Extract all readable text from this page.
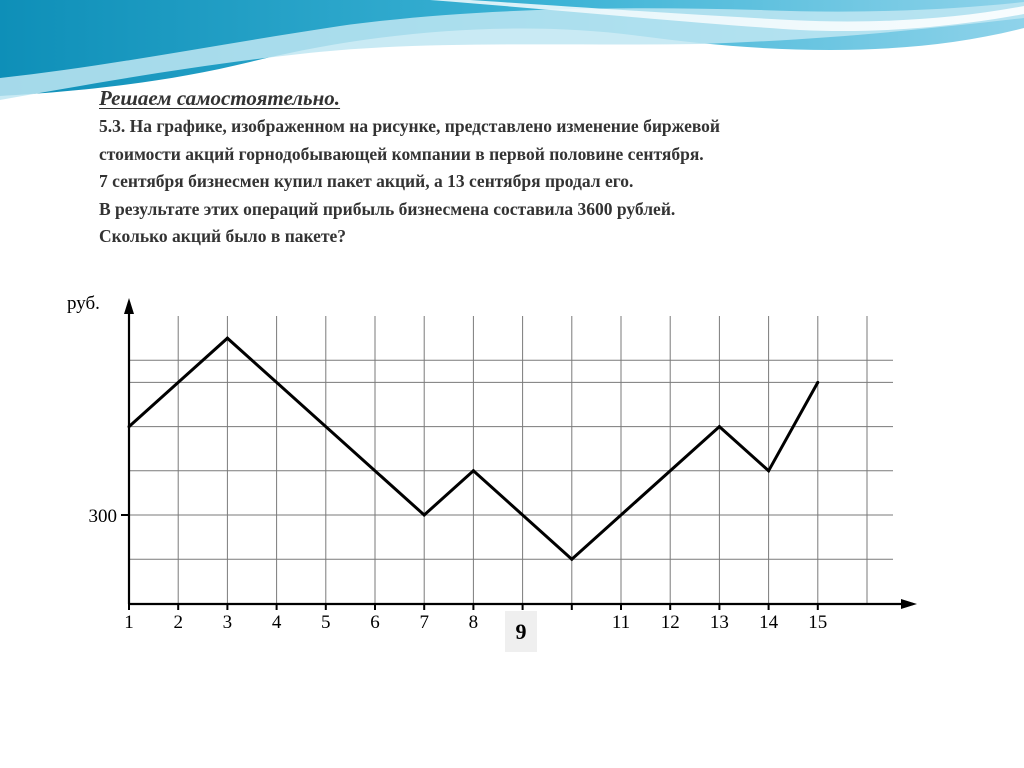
Решаем самостоятельно.

5.3. На графике, изображенном на рисунке, представлено изменение биржевой

стоимости акций горнодобывающей компании в первой половине сентября.

7 сентября бизнесмен купил пакет акций, а 13 сентября продал его.

В результате этих операций прибыль бизнесмена составила 3600 рублей.

Сколько акций было в пакете?

1 2 3 4 5 6 7 8	11 12 13 14 15
300
руб.
9
